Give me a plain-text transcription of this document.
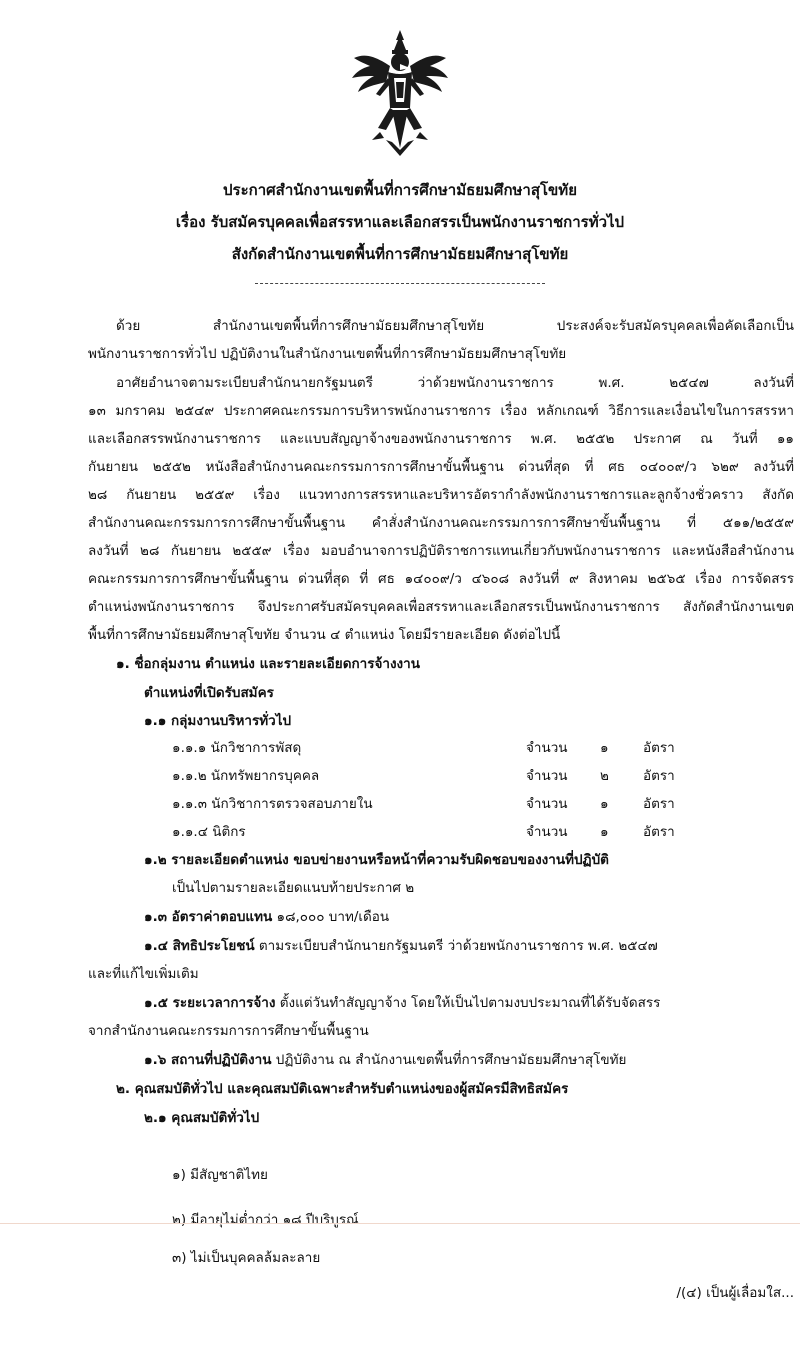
ประกาศสำนักงานเขตพื้นที่การศึกษามัธยมศึกษาสุโขทัย
เรื่อง รับสมัครบุคคลเพื่อสรรหาและเลือกสรรเป็นพนักงานราชการทั่วไป
สังกัดสำนักงานเขตพื้นที่การศึกษามัธยมศึกษาสุโขทัย
ด้วย สำนักงานเขตพื้นที่การศึกษามัธยมศึกษาสุโขทัย ประสงค์จะรับสมัครบุคคลเพื่อคัดเลือกเป็น
พนักงานราชการทั่วไป ปฏิบัติงานในสำนักงานเขตพื้นที่การศึกษามัธยมศึกษาสุโขทัย
อาศัยอำนาจตามระเบียบสำนักนายกรัฐมนตรี ว่าด้วยพนักงานราชการ พ.ศ. ๒๕๔๗ ลงวันที่
๑๓ มกราคม ๒๕๔๙ ประกาศคณะกรรมการบริหารพนักงานราชการ เรื่อง หลักเกณฑ์ วิธีการและเงื่อนไขในการสรรหา
และเลือกสรรพนักงานราชการ และแบบสัญญาจ้างของพนักงานราชการ พ.ศ. ๒๕๕๒ ประกาศ ณ วันที่ ๑๑
กันยายน ๒๕๕๒ หนังสือสำนักงานคณะกรรมการการศึกษาขั้นพื้นฐาน ด่วนที่สุด ที่ ศธ ๐๔๐๐๙/ว ๖๒๙ ลงวันที่
๒๘ กันยายน ๒๕๕๙ เรื่อง แนวทางการสรรหาและบริหารอัตรากำลังพนักงานราชการและลูกจ้างชั่วคราว สังกัด
สำนักงานคณะกรรมการการศึกษาขั้นพื้นฐาน คำสั่งสำนักงานคณะกรรมการการศึกษาขั้นพื้นฐาน ที่ ๕๑๑/๒๕๕๙
ลงวันที่ ๒๘ กันยายน ๒๕๕๙ เรื่อง มอบอำนาจการปฏิบัติราชการแทนเกี่ยวกับพนักงานราชการ และหนังสือสำนักงาน
คณะกรรมการการศึกษาขั้นพื้นฐาน ด่วนที่สุด ที่ ศธ ๑๔๐๐๙/ว ๔๖๐๘ ลงวันที่ ๙ สิงหาคม ๒๕๖๕ เรื่อง การจัดสรร
ตำแหน่งพนักงานราชการ จึงประกาศรับสมัครบุคคลเพื่อสรรหาและเลือกสรรเป็นพนักงานราชการ สังกัดสำนักงานเขต
พื้นที่การศึกษามัธยมศึกษาสุโขทัย จำนวน ๔ ตำแหน่ง โดยมีรายละเอียด ดังต่อไปนี้
๑. ชื่อกลุ่มงาน ตำแหน่ง และรายละเอียดการจ้างงาน
ตำแหน่งที่เปิดรับสมัคร
๑.๑ กลุ่มงานบริหารทั่วไป
๑.๑.๑ นักวิชาการพัสดุ	จำนวน ๑	อัตรา
๑.๑.๒ นักทรัพยากรบุคคล	จำนวน ๒	อัตรา
๑.๑.๓ นักวิชาการตรวจสอบภายใน	จำนวน ๑	อัตรา
๑.๑.๔ นิติกร	จำนวน ๑	อัตรา
๑.๒ รายละเอียดตำแหน่ง ขอบข่ายงานหรือหน้าที่ความรับผิดชอบของงานที่ปฏิบัติ
เป็นไปตามรายละเอียดแนบท้ายประกาศ ๒
๑.๓ อัตราค่าตอบแทน ๑๘,๐๐๐ บาท/เดือน
๑.๔ สิทธิประโยชน์ ตามระเบียบสำนักนายกรัฐมนตรี ว่าด้วยพนักงานราชการ พ.ศ. ๒๕๔๗
และที่แก้ไขเพิ่มเติม
๑.๕ ระยะเวลาการจ้าง ตั้งแต่วันทำสัญญาจ้าง โดยให้เป็นไปตามงบประมาณที่ได้รับจัดสรร
จากสำนักงานคณะกรรมการการศึกษาขั้นพื้นฐาน
๑.๖ สถานที่ปฏิบัติงาน ปฏิบัติงาน ณ สำนักงานเขตพื้นที่การศึกษามัธยมศึกษาสุโขทัย
๒. คุณสมบัติทั่วไป และคุณสมบัติเฉพาะสำหรับตำแหน่งของผู้สมัครมีสิทธิสมัคร
๒.๑ คุณสมบัติทั่วไป
๑) มีสัญชาติไทย
๒) มีอายุไม่ต่ำกว่า ๑๘ ปีบริบูรณ์
๓) ไม่เป็นบุคคลล้มละลาย
/(๔) เป็นผู้เลื่อมใส...
